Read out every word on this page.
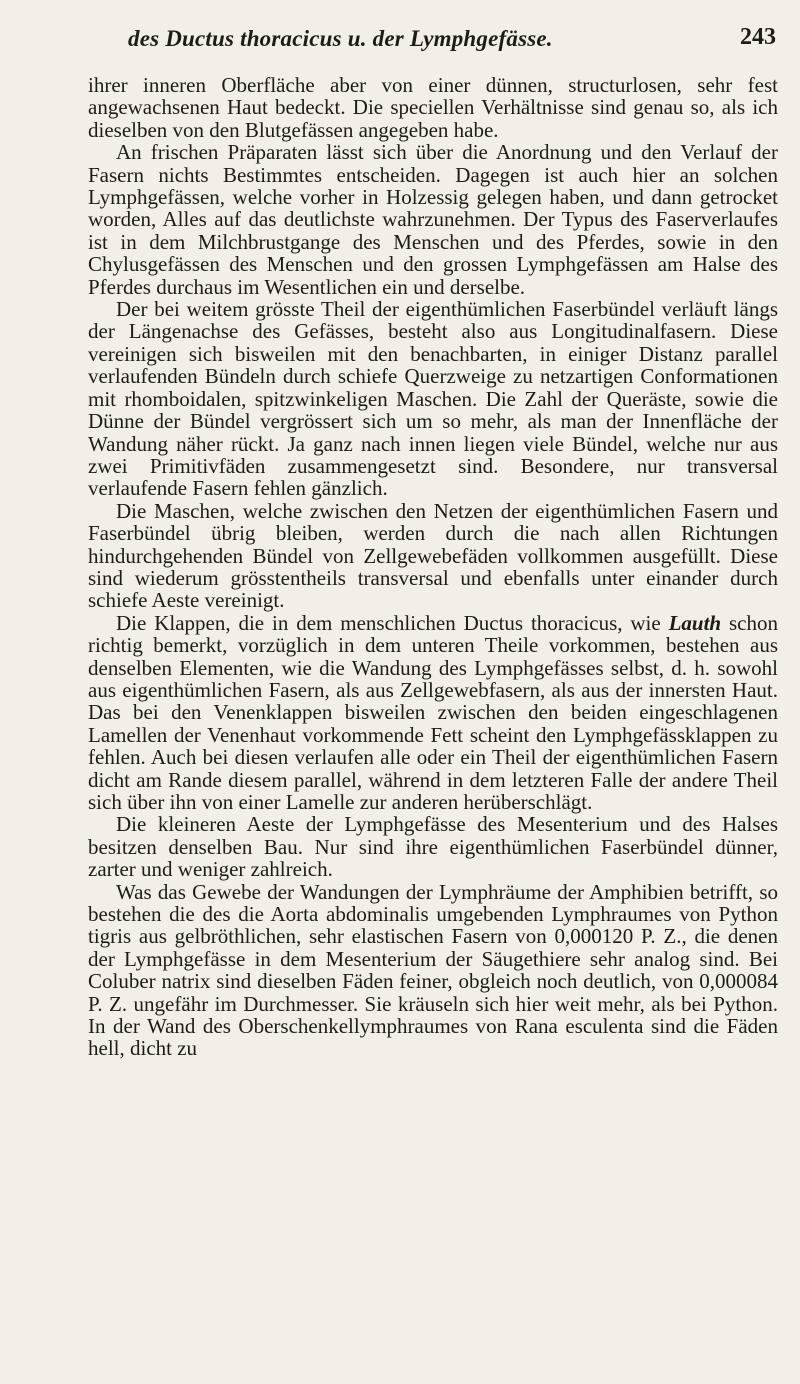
des Ductus thoracicus u. der Lymphgefässe.	243

ihrer inneren Oberfläche aber von einer dünnen, structurlosen, sehr fest angewachsenen Haut bedeckt. Die speciellen Verhältnisse sind genau so, als ich dieselben von den Blutgefässen angegeben habe.

An frischen Präparaten lässt sich über die Anordnung und den Verlauf der Fasern nichts Bestimmtes entscheiden. Dagegen ist auch hier an solchen Lymphgefässen, welche vorher in Holzessig gelegen haben, und dann getrocket worden, Alles auf das deutlichste wahrzunehmen. Der Typus des Faserverlaufes ist in dem Milchbrustgange des Menschen und des Pferdes, sowie in den Chylusgefässen des Menschen und den grossen Lymphgefässen am Halse des Pferdes durchaus im Wesentlichen ein und derselbe.

Der bei weitem grösste Theil der eigenthümlichen Faserbündel verläuft längs der Längenachse des Gefässes, besteht also aus Longitudinalfasern. Diese vereinigen sich bisweilen mit den benachbarten, in einiger Distanz parallel verlaufenden Bündeln durch schiefe Querzweige zu netzartigen Conformationen mit rhomboidalen, spitzwinkeligen Maschen. Die Zahl der Queräste, sowie die Dünne der Bündel vergrössert sich um so mehr, als man der Innenfläche der Wandung näher rückt. Ja ganz nach innen liegen viele Bündel, welche nur aus zwei Primitivfäden zusammengesetzt sind. Besondere, nur transversal verlaufende Fasern fehlen gänzlich.

Die Maschen, welche zwischen den Netzen der eigenthümlichen Fasern und Faserbündel übrig bleiben, werden durch die nach allen Richtungen hindurchgehenden Bündel von Zellgewebefäden vollkommen ausgefüllt. Diese sind wiederum grösstentheils transversal und ebenfalls unter einander durch schiefe Aeste vereinigt.

Die Klappen, die in dem menschlichen Ductus thoracicus, wie Lauth schon richtig bemerkt, vorzüglich in dem unteren Theile vorkommen, bestehen aus denselben Elementen, wie die Wandung des Lymphgefässes selbst, d. h. sowohl aus eigenthümlichen Fasern, als aus Zellgewebfasern, als aus der innersten Haut. Das bei den Venenklappen bisweilen zwischen den beiden eingeschlagenen Lamellen der Venenhaut vorkommende Fett scheint den Lymphgefässklappen zu fehlen. Auch bei diesen verlaufen alle oder ein Theil der eigenthümlichen Fasern dicht am Rande diesem parallel, während in dem letzteren Falle der andere Theil sich über ihn von einer Lamelle zur anderen herüberschlägt.

Die kleineren Aeste der Lymphgefässe des Mesenterium und des Halses besitzen denselben Bau. Nur sind ihre eigenthümlichen Faserbündel dünner, zarter und weniger zahlreich.

Was das Gewebe der Wandungen der Lymphräume der Amphibien betrifft, so bestehen die des die Aorta abdominalis umgebenden Lymphraumes von Python tigris aus gelbröthlichen, sehr elastischen Fasern von 0,000120 P. Z., die denen der Lymphgefässe in dem Mesenterium der Säugethiere sehr analog sind. Bei Coluber natrix sind dieselben Fäden feiner, obgleich noch deutlich, von 0,000084 P. Z. ungefähr im Durchmesser. Sie kräuseln sich hier weit mehr, als bei Python. In der Wand des Oberschenkellymphraumes von Rana esculenta sind die Fäden hell, dicht zu
